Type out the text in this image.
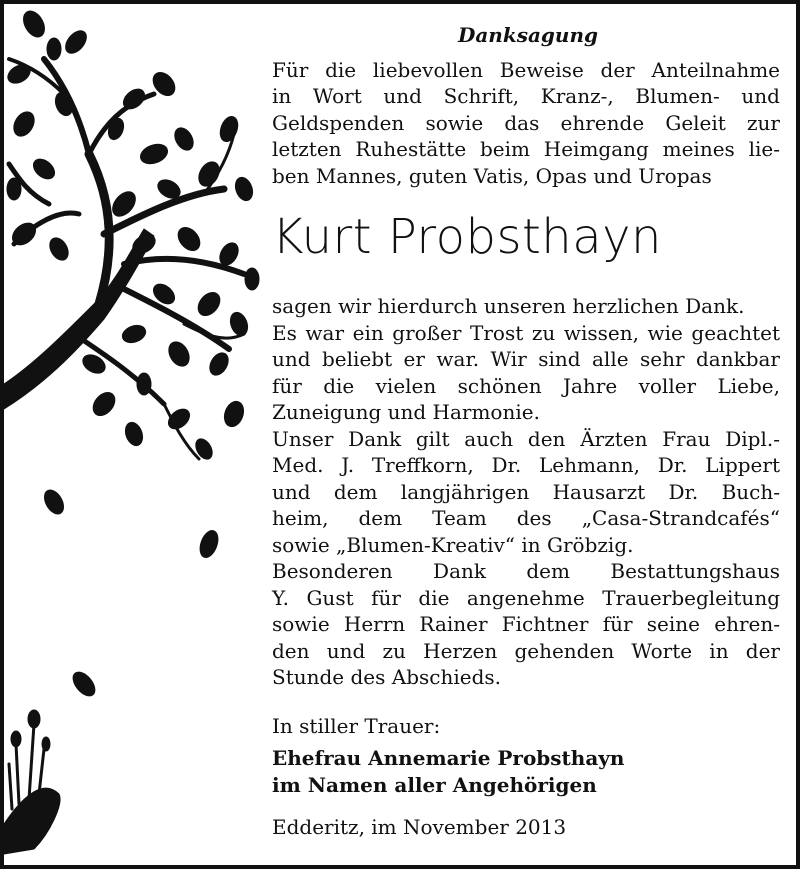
Danksagung
Für die liebevollen Beweise der Anteilnahme
in Wort und Schrift, Kranz-, Blumen- und
Geldspenden sowie das ehrende Geleit zur
letzten Ruhestätte beim Heimgang meines lie-
ben Mannes, guten Vatis, Opas und Uropas
Kurt Probsthayn
sagen wir hierdurch unseren herzlichen Dank.
Es war ein großer Trost zu wissen, wie geachtet
und beliebt er war. Wir sind alle sehr dankbar
für die vielen schönen Jahre voller Liebe,
Zuneigung und Harmonie.
Unser Dank gilt auch den Ärzten Frau Dipl.-
Med. J. Treffkorn, Dr. Lehmann, Dr. Lippert
und dem langjährigen Hausarzt Dr. Buch-
heim, dem Team des „Casa-Strandcafés“
sowie „Blumen-Kreativ“ in Gröbzig.
Besonderen Dank dem Bestattungshaus
Y. Gust für die angenehme Trauerbegleitung
sowie Herrn Rainer Fichtner für seine ehren-
den und zu Herzen gehenden Worte in der
Stunde des Abschieds.
In stiller Trauer:
Ehefrau Annemarie Probsthayn
im Namen aller Angehörigen
Edderitz, im November 2013
